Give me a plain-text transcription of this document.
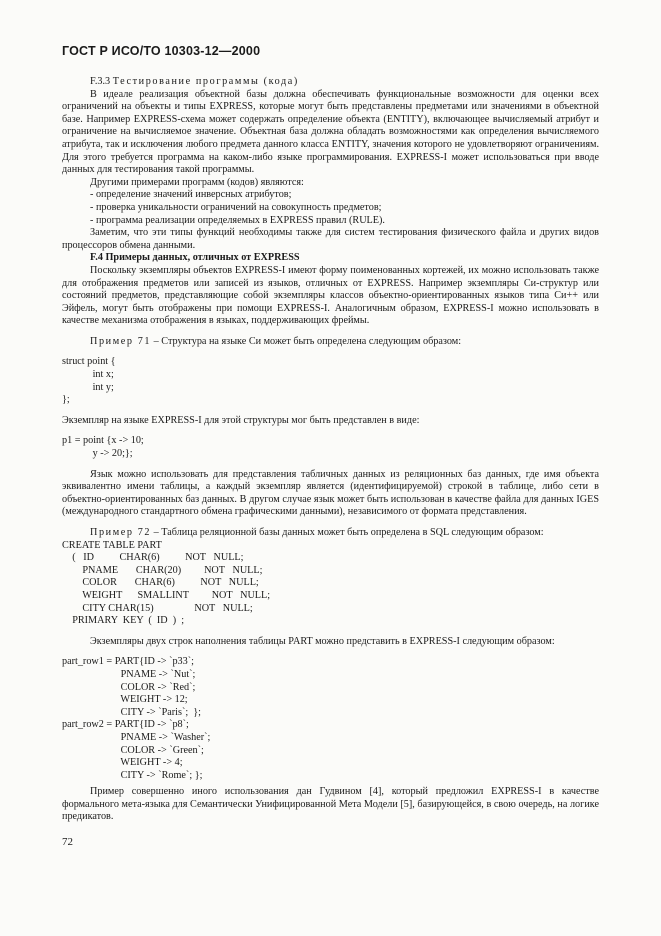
ГОСТ Р ИСО/ТО 10303-12—2000

F.3.3 Тестирование программы (кода)

В идеале реализация объектной базы должна обеспечивать функциональные возможности для оценки всех ограничений на объекты и типы EXPRESS, которые могут быть представлены предметами или значениями в объектной базе. Например EXPRESS-схема может содержать определение объекта (ENTITY), включающее вычисляемый атрибут и ограничение на вычисляемое значение. Объектная база должна обладать возможностями как определения вычисляемого атрибута, так и исключения любого предмета данного класса ENTITY, значения которого не удовлетворяют ограничениям. Для этого требуется программа на каком-либо языке программирования. EXPRESS-I может использоваться при вводе данных для тестирования такой программы.

Другими примерами программ (кодов) являются:

- определение значений инверсных атрибутов;

- проверка уникальности ограничений на совокупность предметов;

- программа реализации определяемых в EXPRESS правил (RULE).

Заметим, что эти типы функций необходимы также для систем тестирования физического файла и других видов процессоров обмена данными.

F.4 Примеры данных, отличных от EXPRESS

Поскольку экземпляры объектов EXPRESS-I имеют форму поименованных кортежей, их можно использовать также для отображения предметов или записей из языков, отличных от EXPRESS. Например экземпляры Си-структур или состояний предметов, представляющие собой экземпляры классов объектно-ориентированных языков типа Си++ или Эйфель, могут быть отображены при помощи EXPRESS-I. Аналогичным образом, EXPRESS-I можно использовать в качестве механизма отображения в языках, поддерживающих фреймы.

Пример 71 – Структура на языке Си может быть определена следующим образом:

struct point {
int x;
int y;
};

Экземпляр на языке EXPRESS-I для этой структуры мог быть представлен в виде:

p1 = point {x -> 10;
y -> 20;};

Язык можно использовать для представления табличных данных из реляционных баз данных, где имя объекта эквивалентно имени таблицы, а каждый экземпляр является (идентифицируемой) строкой в таблице, либо сети в объектно-ориентированных баз данных. В другом случае язык может быть использован в качестве файла для данных IGES (международного стандартного обмена графическими данными), независимого от формата представления.

Пример 72 – Таблица реляционной базы данных может быть определена в SQL следующим образом:

CREATE TABLE PART
(   ID          CHAR(6)          NOT   NULL;
PNAME       CHAR(20)         NOT   NULL;
COLOR       CHAR(6)          NOT   NULL;
WEIGHT      SMALLINT         NOT   NULL;
CITY CHAR(15)                NOT   NULL;
PRIMARY  KEY  (  ID  )  ;

Экземпляры двух строк наполнения таблицы PART можно представить в EXPRESS-I следующим образом:

part_row1 = PART{ID -> `p33`;
PNAME -> `Nut`;
COLOR -> `Red`;
WEIGHT -> 12;
CITY -> `Paris`;  };
part_row2 = PART{ID -> `p8`;
PNAME -> `Washer`;
COLOR -> `Green`;
WEIGHT -> 4;
CITY -> `Rome`; };

Пример совершенно иного использования дан Гудвином [4], который предложил EXPRESS-I в качестве формального мета-языка для Семантически Унифицированной Мета Модели [5], базирующейся, в свою очередь, на логике предикатов.

72
